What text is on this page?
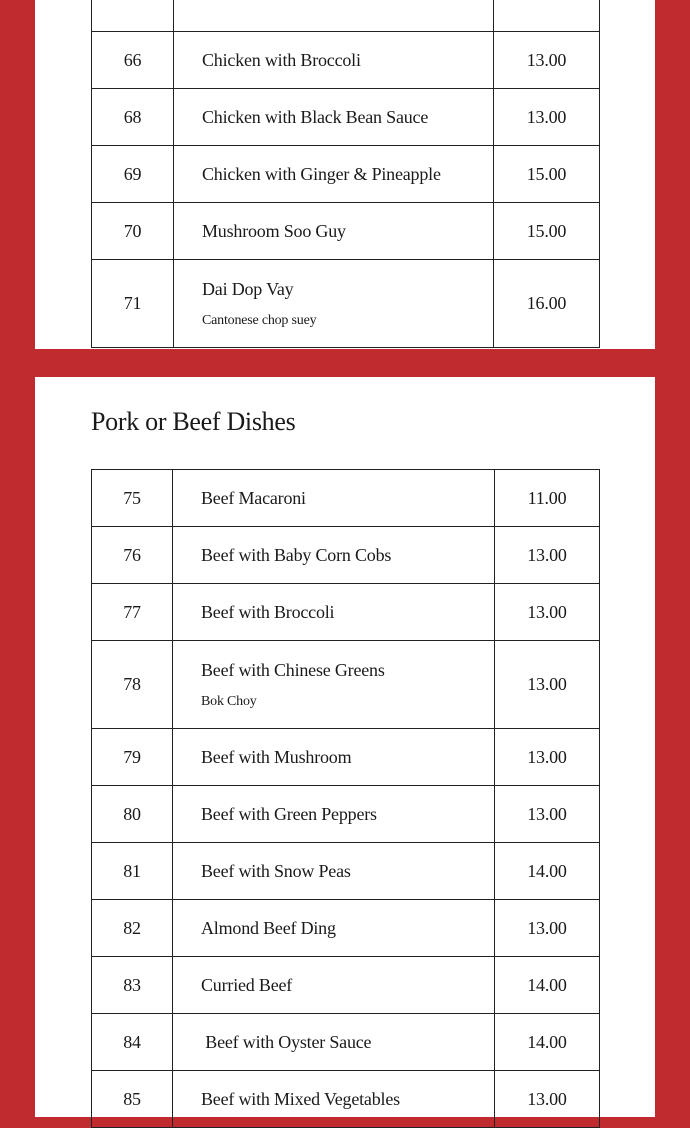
66	Chicken with Broccoli	13.00
68	Chicken with Black Bean Sauce	13.00
69	Chicken with Ginger & Pineapple	15.00
70	Mushroom Soo Guy	15.00
71	Dai Dop Vay
Cantonese chop suey	16.00
Pork or Beef Dishes
75	Beef Macaroni	11.00
76	Beef with Baby Corn Cobs	13.00
77	Beef with Broccoli	13.00
78	Beef with Chinese Greens
Bok Choy	13.00
79	Beef with Mushroom	13.00
80	Beef with Green Peppers	13.00
81	Beef with Snow Peas	14.00
82	Almond Beef Ding	13.00
83	Curried Beef	14.00
84	Beef with Oyster Sauce	14.00
85	Beef with Mixed Vegetables	13.00
